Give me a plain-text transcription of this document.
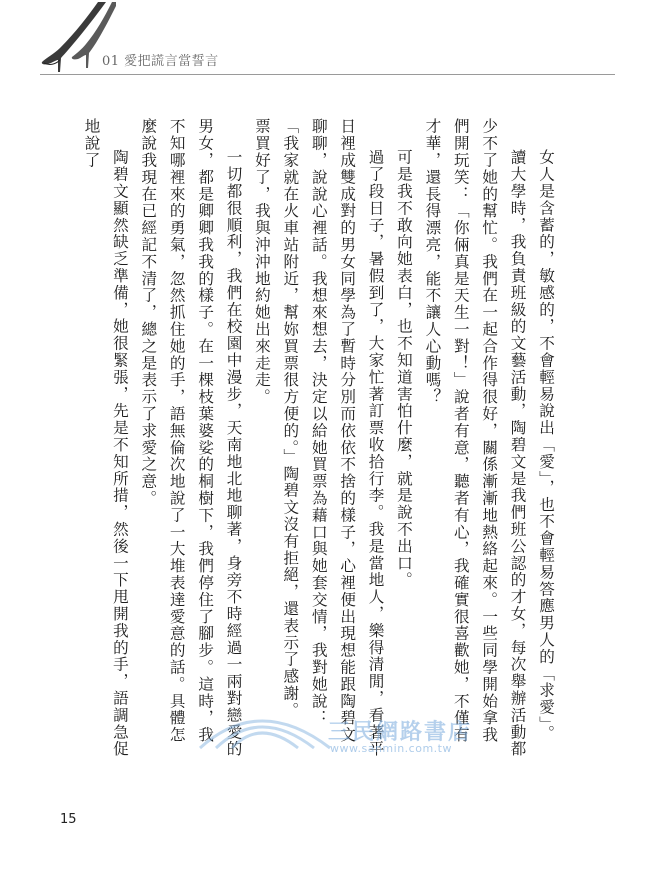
01 愛把謊言當誓言

女人是含蓄的，敏感的，不會輕易說出「愛」，也不會輕易答應男人的「求愛」。

讀大學時，我負責班級的文藝活動，陶碧文是我們班公認的才女，每次舉辦活動都少不了她的幫忙。我們在一起合作得很好，關係漸漸地熱絡起來。一些同學開始拿我們開玩笑：「你倆真是天生一對！」說者有意，聽者有心，我確實很喜歡她，不僅有才華，還長得漂亮，能不讓人心動嗎？

可是我不敢向她表白，也不知道害怕什麼，就是說不出口。

過了段日子，暑假到了，大家忙著訂票收拾行李。我是當地人，樂得清閒，看著平日裡成雙成對的男女同學為了暫時分別而依依不捨的樣子，心裡便出現想能跟陶碧文聊聊，說說心裡話。我想來想去，決定以給她買票為藉口與她套交情，我對她說：「我家就在火車站附近，幫妳買票很方便的。」陶碧文沒有拒絕，還表示了感謝。

票買好了，我與沖沖地約她出來走走。

一切都很順利，我們在校園中漫步，天南地北地聊著，身旁不時經過一兩對戀愛的男女，都是卿卿我我的樣子。在一棵枝葉婆娑的桐樹下，我們停住了腳步。這時，我不知哪裡來的勇氣，忽然抓住她的手，語無倫次地說了一大堆表達愛意的話。具體怎麼說我現在已經記不清了，總之是表示了求愛之意。

陶碧文顯然缺乏準備，她很緊張，先是不知所措，然後一下甩開我的手，語調急促地說了

三民網路書店
www.sanmin.com.tw
15
